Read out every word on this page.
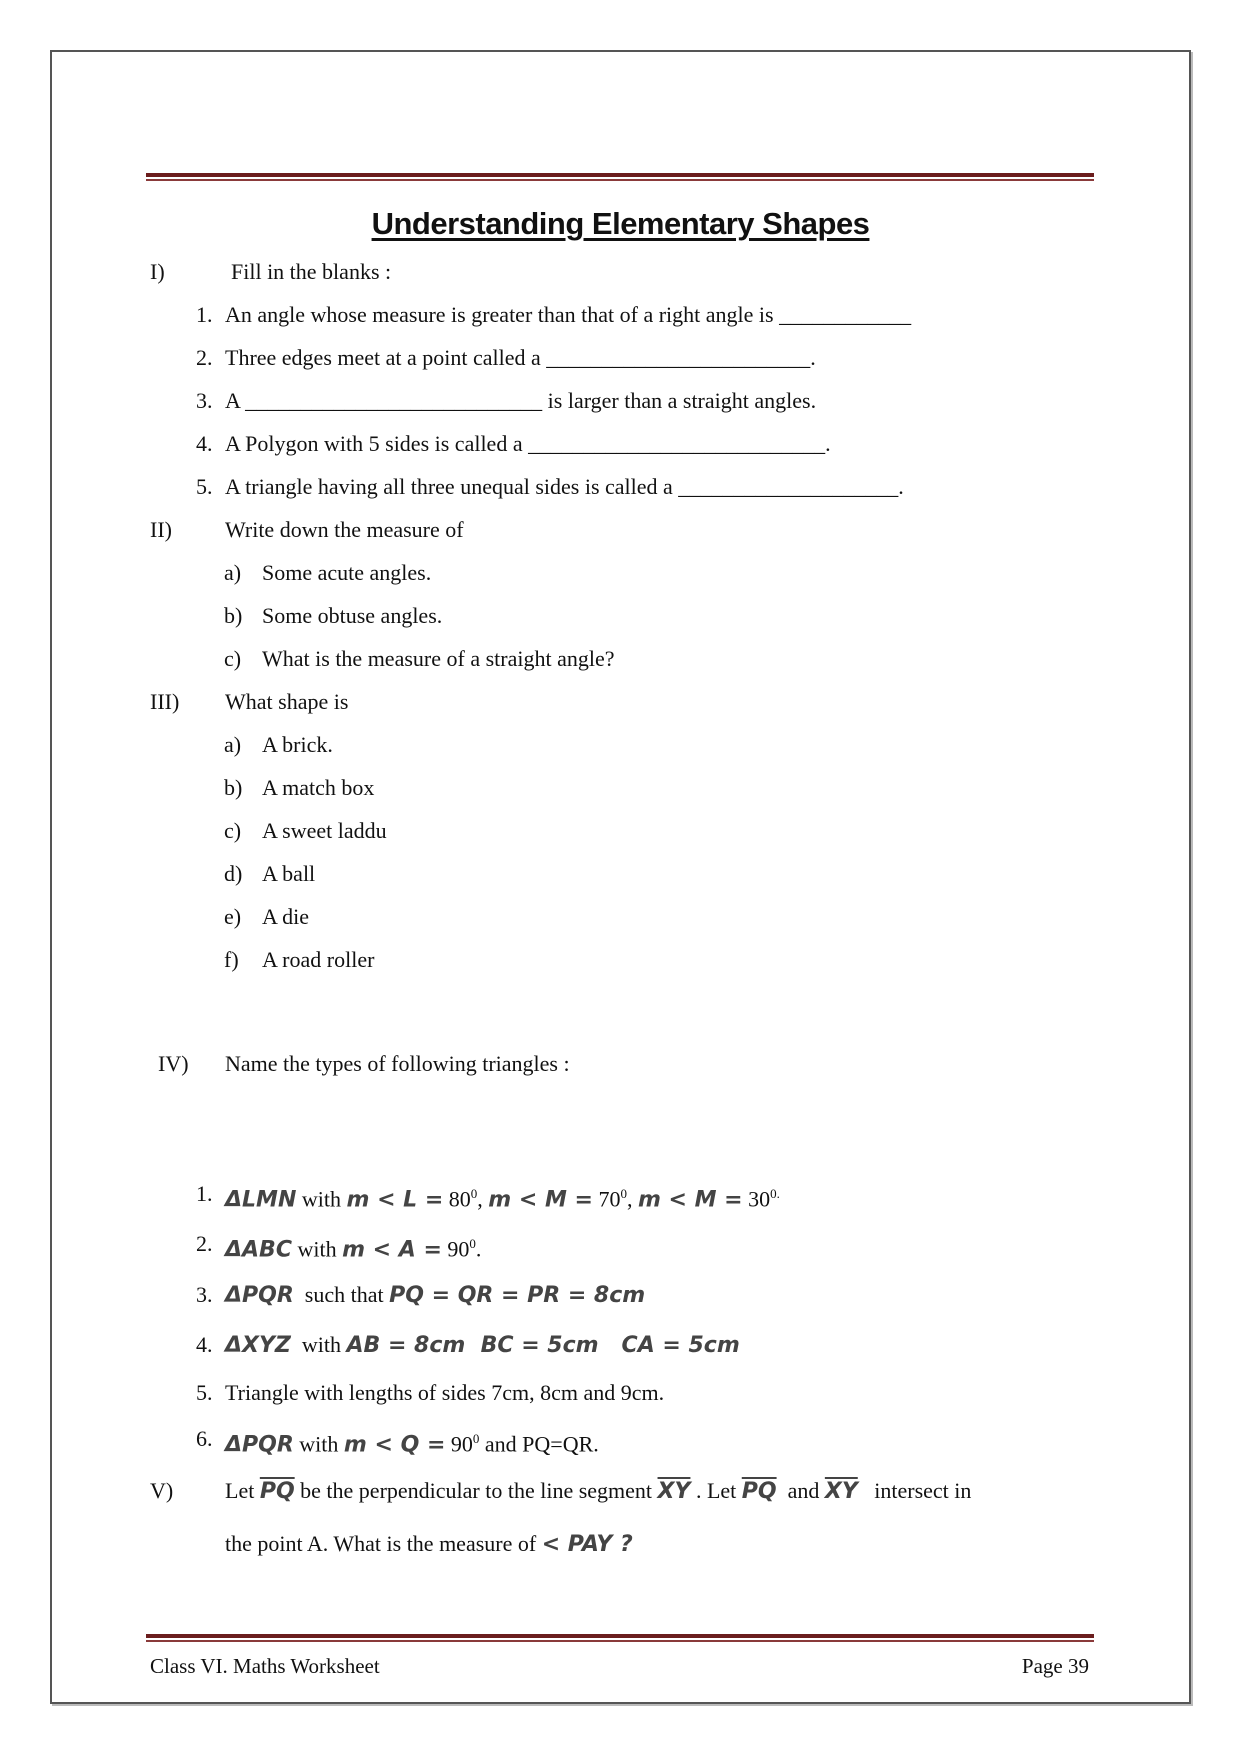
Understanding Elementary Shapes
I)	Fill in the blanks :
1. An angle whose measure is greater than that of a right angle is ____________
2. Three edges meet at a point called a ________________________.
3. A ___________________________ is larger than a straight angles.
4. A Polygon with 5 sides is called a ___________________________.
5. A triangle having all three unequal sides is called a ____________________.
II) Write down the measure of
a) Some acute angles.
b) Some obtuse angles.
c) What is the measure of a straight angle?
III) What shape is
a) A brick.
b) A match box
c) A sweet laddu
d) A ball
e) A die
f) A road roller
IV) Name the types of following triangles :
1. ΔLMN with $m < L = 80^0$, $m < M = 70^0$, $m < M = 30^{0.}$
2. ΔABC with $m < A = 90^0$.
3. ΔPQR such that PQ = QR = PR = 8cm
4. ΔXYZ with AB = 8cm  BC = 5cm   CA = 5cm
5. Triangle with lengths of sides 7cm, 8cm and 9cm.
6. ΔPQR with $m < Q = 90^0$ and PQ=QR.
V) Let $\overline{PQ}$ be the perpendicular to the line segment $\overline{XY}$ . Let $\overline{PQ}$ and $\overline{XY}$ intersect in
the point A. What is the measure of < PAY ?
Class VI. Maths Worksheet	Page 39
